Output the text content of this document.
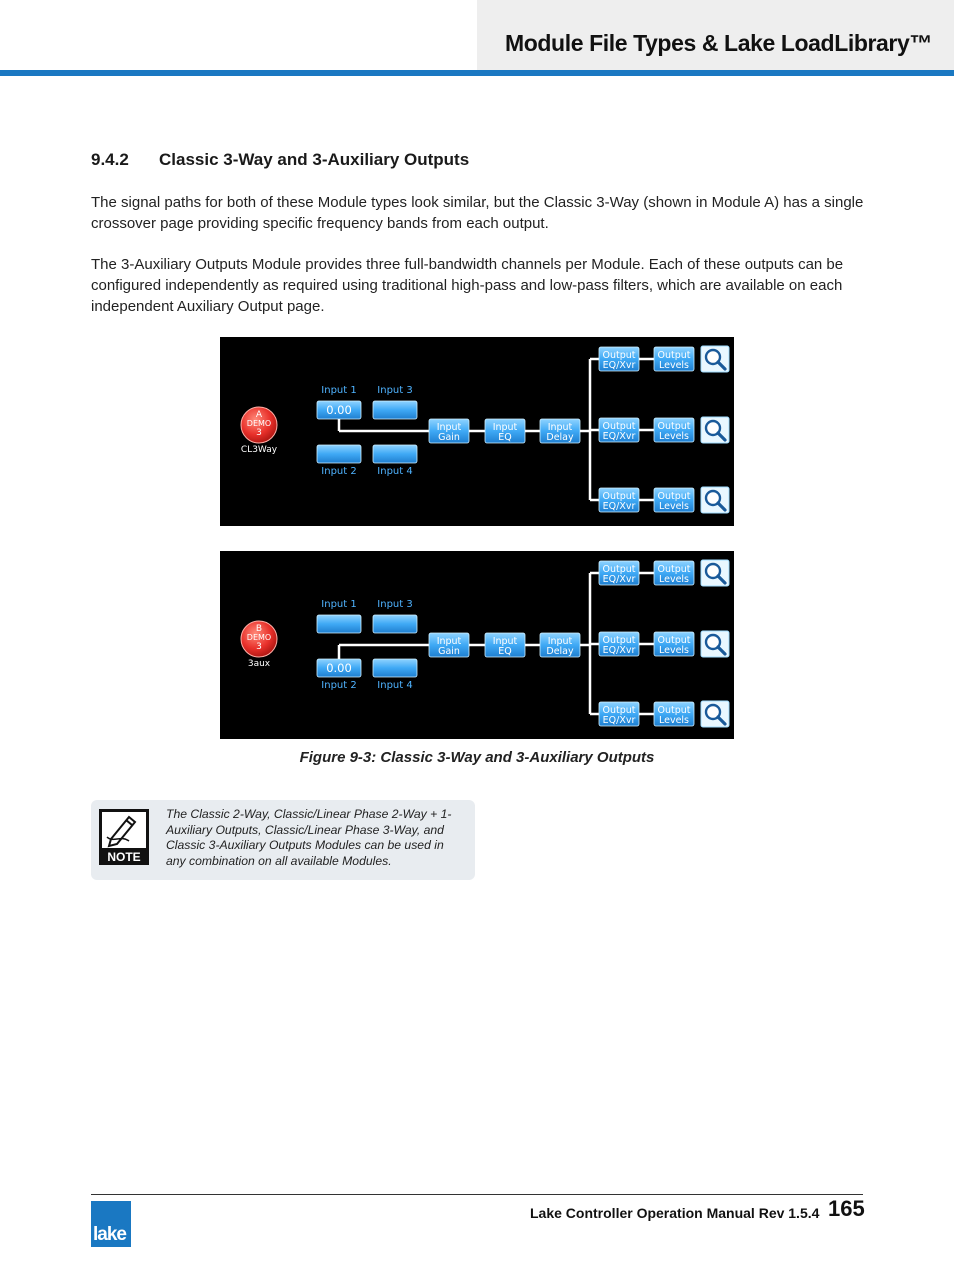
Module File Types & Lake LoadLibrary™
9.4.2 Classic 3-Way and 3-Auxiliary Outputs
The signal paths for both of these Module types look similar, but the Classic 3-Way (shown in Module A) has a single crossover page providing specific frequency bands from each output.
The 3-Auxiliary Outputs Module provides three full-bandwidth channels per Module. Each of these outputs can be configured independently as required using traditional high-pass and low-pass filters, which are available on each independent Auxiliary Output page.
A
DEMO
3
CL3Way
Input 1
0.00
Input 3
Input 2 Input 4
Input
Gain
Input
EQ
Input
Delay
Output
EQ/Xvr
Output
Levels
Output
EQ/Xvr
Output
Levels
Output
EQ/Xvr
Output
Levels
B
DEMO
3
3aux
Input 1 Input 3
Input 2
0.00
Input 4
Input
Gain
Input
EQ
Input
Delay
Output
EQ/Xvr
Output
Levels
Output
EQ/Xvr
Output
Levels
Output
EQ/Xvr
Output
Levels
Figure 9-3: Classic 3-Way and 3-Auxiliary Outputs
NOTE
The Classic 2-Way, Classic/Linear Phase 2-Way + 1-Auxiliary Outputs, Classic/Linear Phase 3-Way, and Classic 3-Auxiliary Outputs Modules can be used in any combination on all available Modules.
lake
Lake Controller Operation Manual Rev 1.5.4 165
